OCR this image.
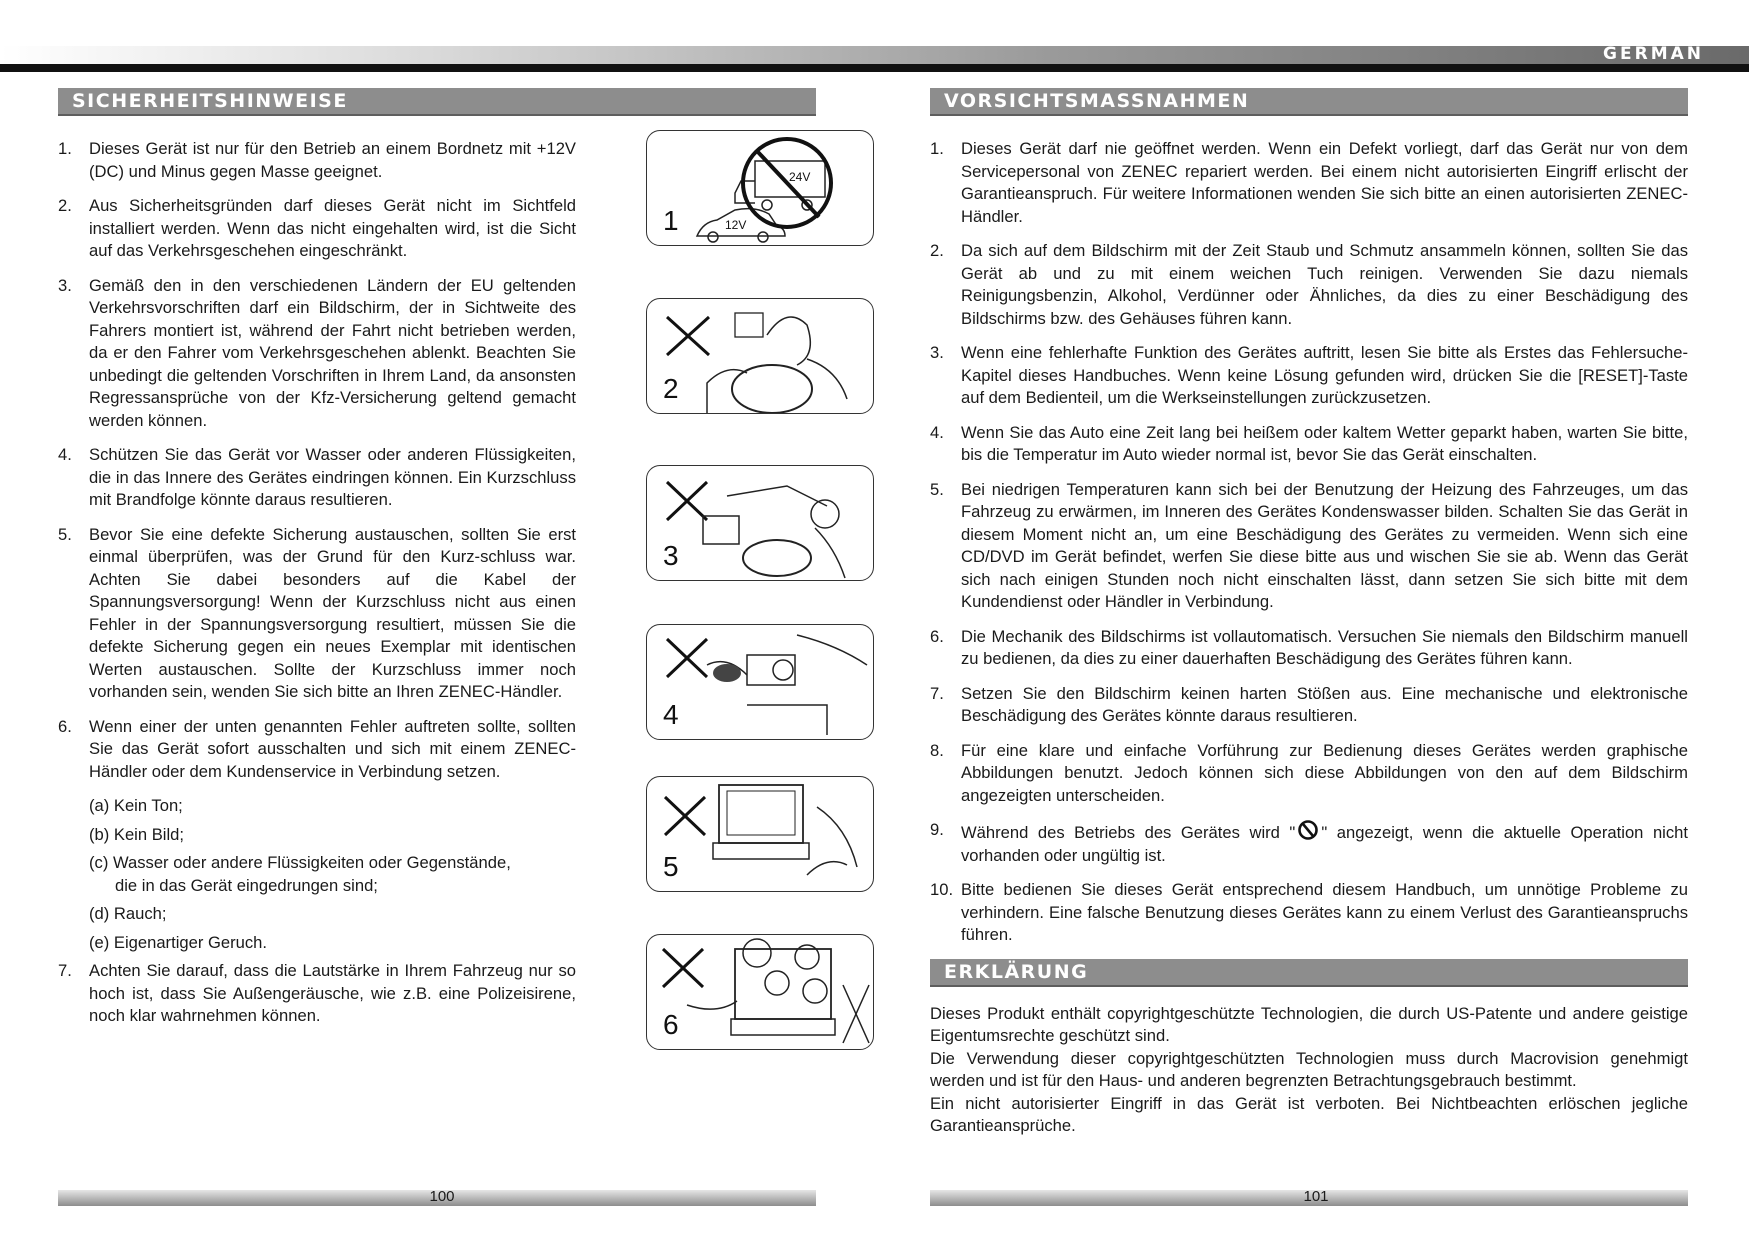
GERMAN
SICHERHEITSHINWEISE
1. Dieses Gerät ist nur für den Betrieb an einem Bordnetz mit +12V (DC) und Minus gegen Masse geeignet.
2. Aus Sicherheitsgründen darf dieses Gerät nicht im Sichtfeld installiert werden. Wenn das nicht eingehalten wird, ist die Sicht auf das Verkehrsgeschehen eingeschränkt.
3. Gemäß den in den verschiedenen Ländern der EU geltenden Verkehrsvorschriften darf ein Bildschirm, der in Sichtweite des Fahrers montiert ist, während der Fahrt nicht betrieben werden, da er den Fahrer vom Verkehrsgeschehen ablenkt. Beachten Sie unbedingt die geltenden Vorschriften in Ihrem Land, da ansonsten Regressansprüche von der Kfz-Versicherung geltend gemacht werden können.
4. Schützen Sie das Gerät vor Wasser oder anderen Flüssigkeiten, die in das Innere des Gerätes eindringen können. Ein Kurzschluss mit Brandfolge könnte daraus resultieren.
5. Bevor Sie eine defekte Sicherung austauschen, sollten Sie erst einmal überprüfen, was der Grund für den Kurz-schluss war. Achten Sie dabei besonders auf die Kabel der Spannungsversorgung! Wenn der Kurzschluss nicht aus einen Fehler in der Spannungsversorgung resultiert, müssen Sie die defekte Sicherung gegen ein neues Exemplar mit identischen Werten austauschen. Sollte der Kurzschluss immer noch vorhanden sein, wenden Sie sich bitte an Ihren ZENEC-Händler.
6. Wenn einer der unten genannten Fehler auftreten sollte, sollten Sie das Gerät sofort ausschalten und sich mit einem ZENEC-Händler oder dem Kundenservice in Verbindung setzen.
(a) Kein Ton;
(b) Kein Bild;
(c) Wasser oder andere Flüssigkeiten oder Gegenstände,
die in das Gerät eingedrungen sind;
(d) Rauch;
(e) Eigenartiger Geruch.
7. Achten Sie darauf, dass die Lautstärke in Ihrem Fahrzeug nur so hoch ist, dass Sie Außengeräusche, wie z.B. eine Polizeisirene, noch klar wahrnehmen können.
24V
12V
1
2
3
4
5
6
VORSICHTSMASSNAHMEN
1. Dieses Gerät darf nie geöffnet werden. Wenn ein Defekt vorliegt, darf das Gerät nur von dem Servicepersonal von ZENEC repariert werden. Bei einem nicht autorisierten Eingriff erlischt der Garantieanspruch. Für weitere Informationen wenden Sie sich bitte an einen autorisierten ZENEC-Händler.
2. Da sich auf dem Bildschirm mit der Zeit Staub und Schmutz ansammeln können, sollten Sie das Gerät ab und zu mit einem weichen Tuch reinigen. Verwenden Sie dazu niemals Reinigungsbenzin, Alkohol, Verdünner oder Ähnliches, da dies zu einer Beschädigung des Bildschirms bzw. des Gehäuses führen kann.
3. Wenn eine fehlerhafte Funktion des Gerätes auftritt, lesen Sie bitte als Erstes das Fehlersuche-Kapitel dieses Handbuches. Wenn keine Lösung gefunden wird, drücken Sie die [RESET]-Taste auf dem Bedienteil, um die Werkseinstellungen zurückzusetzen.
4. Wenn Sie das Auto eine Zeit lang bei heißem oder kaltem Wetter geparkt haben, warten Sie bitte, bis die Temperatur im Auto wieder normal ist, bevor Sie das Gerät einschalten.
5. Bei niedrigen Temperaturen kann sich bei der Benutzung der Heizung des Fahrzeuges, um das Fahrzeug zu erwärmen, im Inneren des Gerätes Kondenswasser bilden. Schalten Sie das Gerät in diesem Moment nicht an, um eine Beschädigung des Gerätes zu vermeiden. Wenn sich eine CD/DVD im Gerät befindet, werfen Sie diese bitte aus und wischen Sie sie ab. Wenn das Gerät sich nach einigen Stunden noch nicht einschalten lässt, dann setzen Sie sich bitte mit dem Kundendienst oder Händler in Verbindung.
6. Die Mechanik des Bildschirms ist vollautomatisch. Versuchen Sie niemals den Bildschirm manuell zu bedienen, da dies zu einer dauerhaften Beschädigung des Gerätes führen kann.
7. Setzen Sie den Bildschirm keinen harten Stößen aus. Eine mechanische und elektronische Beschädigung des Gerätes könnte daraus resultieren.
8. Für eine klare und einfache Vorführung zur Bedienung dieses Gerätes werden graphische Abbildungen benutzt. Jedoch können sich diese Abbildungen von den auf dem Bildschirm angezeigten unterscheiden.
9. Während des Betriebs des Gerätes wird " " angezeigt, wenn die aktuelle Operation nicht vorhanden oder ungültig ist.
10. Bitte bedienen Sie dieses Gerät entsprechend diesem Handbuch, um unnötige Probleme zu verhindern. Eine falsche Benutzung dieses Gerätes kann zu einem Verlust des Garantieanspruchs führen.
ERKLÄRUNG

Dieses Produkt enthält copyrightgeschützte Technologien, die durch US-Patente und andere geistige Eigentumsrechte geschützt sind.

Die Verwendung dieser copyrightgeschützten Technologien muss durch Macrovision genehmigt werden und ist für den Haus- und anderen begrenzten Betrachtungsgebrauch bestimmt.

Ein nicht autorisierter Eingriff in das Gerät ist verboten. Bei Nichtbeachten erlöschen jegliche Garantieansprüche.

100	101
